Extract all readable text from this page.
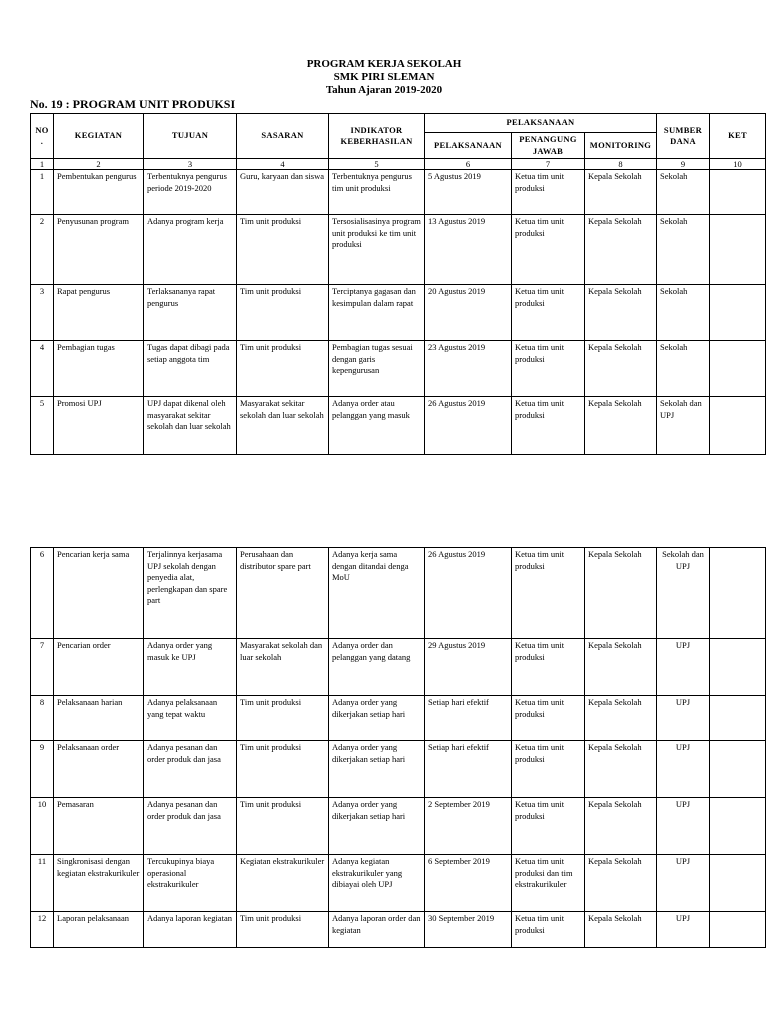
PROGRAM KERJA SEKOLAH
SMK PIRI SLEMAN
Tahun Ajaran 2019-2020
No. 19 : PROGRAM UNIT PRODUKSI
NO .	KEGIATAN	TUJUAN	SASARAN	INDIKATOR KEBERHASILAN	PELAKSANAAN			SUMBER DANA	KET
					PELAKSANAAN	PENANGUNG JAWAB	MONITORING		
1	2	3	4	5	6	7	8	9	10
1	Pembentukan pengurus	Terbentuknya pengurus periode 2019-2020	Guru, karyaan dan siswa	Terbentuknya pengurus tim unit produksi	5 Agustus 2019	Ketua tim unit produksi	Kepala Sekolah	Sekolah	
2	Penyusunan program	Adanya program kerja	Tim unit produksi	Tersosialisasinya program unit produksi ke tim unit produksi	13 Agustus 2019	Ketua tim unit produksi	Kepala Sekolah	Sekolah	
3	Rapat pengurus	Terlaksananya rapat pengurus	Tim unit produksi	Terciptanya gagasan dan kesimpulan dalam rapat	20 Agustus 2019	Ketua tim unit produksi	Kepala Sekolah	Sekolah	
4	Pembagian tugas	Tugas dapat dibagi pada setiap anggota tim	Tim unit produksi	Pembagian tugas sesuai dengan garis kepengurusan	23 Agustus 2019	Ketua tim unit produksi	Kepala Sekolah	Sekolah	
5	Promosi UPJ	UPJ dapat dikenal oleh masyarakat sekitar sekolah dan luar sekolah	Masyarakat sekitar sekolah dan luar sekolah	Adanya order atau pelanggan yang masuk	26 Agustus 2019	Ketua tim unit produksi	Kepala Sekolah	Sekolah dan UPJ	
6	Pencarian kerja sama	Terjalinnya kerjasama UPJ sekolah dengan penyedia alat, perlengkapan dan spare part	Perusahaan dan distributor spare part	Adanya kerja sama dengan ditandai denga MoU	26 Agustus 2019	Ketua tim unit produksi	Kepala Sekolah	Sekolah dan UPJ	
7	Pencarian order	Adanya order yang masuk ke UPJ	Masyarakat sekolah dan luar sekolah	Adanya order dan pelanggan yang datang	29 Agustus 2019	Ketua tim unit produksi	Kepala Sekolah	UPJ	
8	Pelaksanaan harian	Adanya pelaksanaan yang tepat waktu	Tim unit produksi	Adanya order yang dikerjakan setiap hari	Setiap hari efektif	Ketua tim unit produksi	Kepala Sekolah	UPJ	
9	Pelaksanaan order	Adanya pesanan dan order produk dan jasa	Tim unit produksi	Adanya order yang dikerjakan setiap hari	Setiap hari efektif	Ketua tim unit produksi	Kepala Sekolah	UPJ	
10	Pemasaran	Adanya pesanan dan order produk dan jasa	Tim unit produksi	Adanya order yang dikerjakan setiap hari	2 September 2019	Ketua tim unit produksi	Kepala Sekolah	UPJ	
11	Singkronisasi dengan kegiatan ekstrakurikuler	Tercukupinya biaya operasional ekstrakurikuler	Kegiatan ekstrakurikuler	Adanya kegiatan ekstrakurikuler yang dibiayai oleh UPJ	6 September 2019	Ketua tim unit produksi dan tim ekstrakurikuler	Kepala Sekolah	UPJ	
12	Laporan pelaksanaan	Adanya laporan kegiatan	Tim unit produksi	Adanya laporan order dan kegiatan	30 September 2019	Ketua tim unit produksi	Kepala Sekolah	UPJ	
